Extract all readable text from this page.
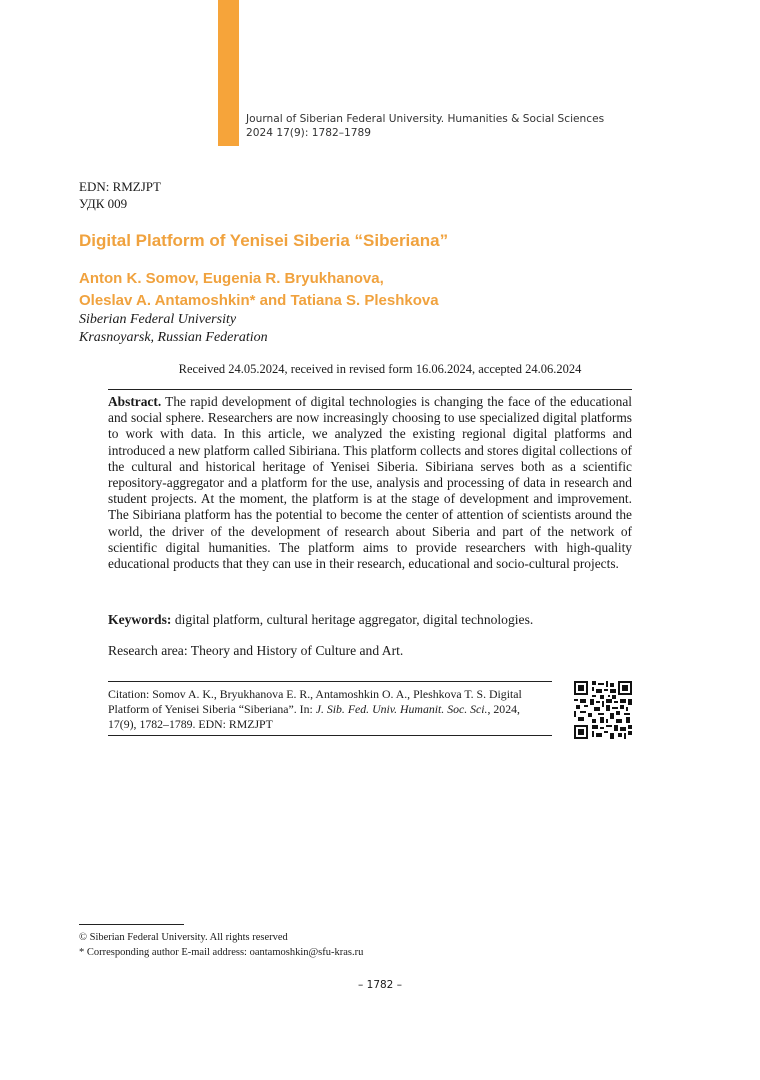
Journal of Siberian Federal University. Humanities & Social Sciences
2024 17(9): 1782–1789
EDN: RMZJPT
УДК 009
Digital Platform of Yenisei Siberia “Siberiana”
Anton K. Somov, Eugenia R. Bryukhanova,
Oleslav A. Antamoshkin* and Tatiana S. Pleshkova
Siberian Federal University
Krasnoyarsk, Russian Federation
Received 24.05.2024, received in revised form 16.06.2024, accepted 24.06.2024
Abstract. The rapid development of digital technologies is changing the face of the educational and social sphere. Researchers are now increasingly choosing to use specialized digital platforms to work with data. In this article, we analyzed the existing regional digital platforms and introduced a new platform called Sibiriana. This platform collects and stores digital collections of the cultural and historical heritage of Yenisei Siberia. Sibiriana serves both as a scientific repository-aggregator and a platform for the use, analysis and processing of data in research and student projects. At the moment, the platform is at the stage of development and improvement. The Sibiriana platform has the potential to become the center of attention of scientists around the world, the driver of the development of research about Siberia and part of the network of scientific digital humanities. The platform aims to provide researchers with high-quality educational products that they can use in their research, educational and socio-cultural projects.
Keywords: digital platform, cultural heritage aggregator, digital technologies.
Research area: Theory and History of Culture and Art.
Citation: Somov A. K., Bryukhanova E. R., Antamoshkin O. A., Pleshkova T. S. Digital Platform of Yenisei Siberia “Siberiana”. In: J. Sib. Fed. Univ. Humanit. Soc. Sci., 2024, 17(9), 1782–1789. EDN: RMZJPT
© Siberian Federal University. All rights reserved
* Corresponding author E-mail address: oantamoshkin@sfu-kras.ru
– 1782 –
